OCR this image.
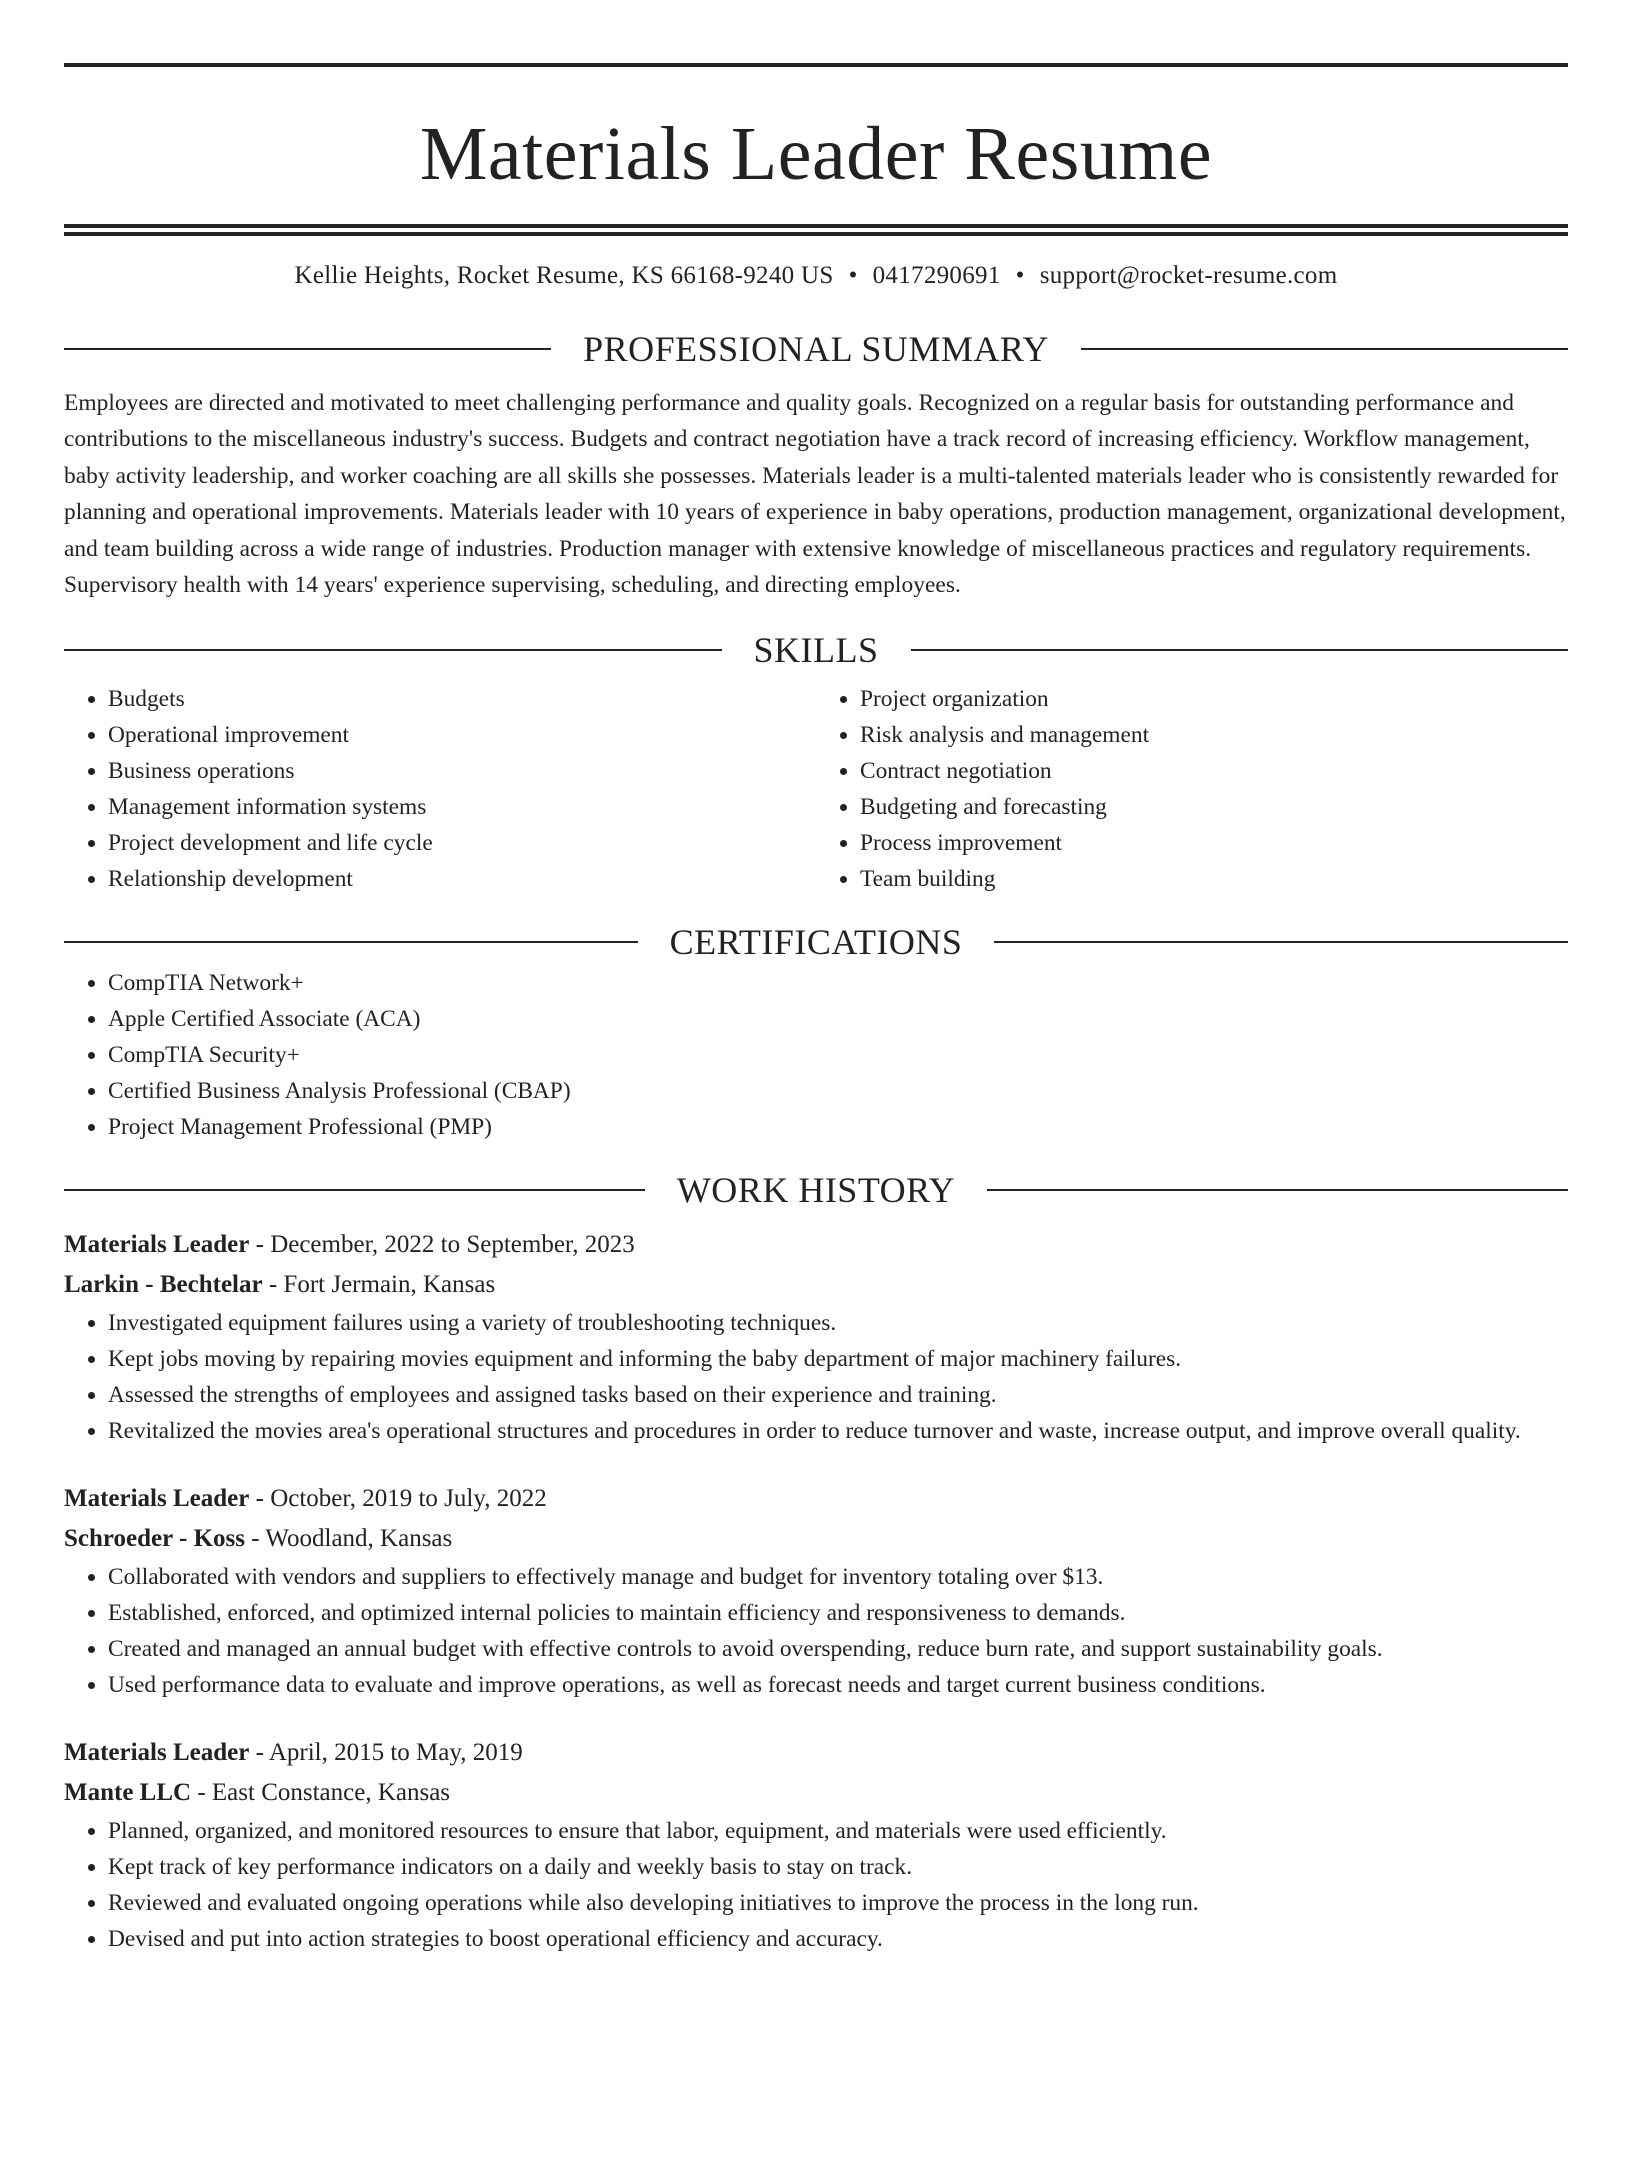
Materials Leader Resume
Kellie Heights, Rocket Resume, KS 66168-9240 US • 0417290691 • support@rocket-resume.com
PROFESSIONAL SUMMARY

Employees are directed and motivated to meet challenging performance and quality goals. Recognized on a regular basis for outstanding performance and contributions to the miscellaneous industry's success. Budgets and contract negotiation have a track record of increasing efficiency. Workflow management, baby activity leadership, and worker coaching are all skills she possesses. Materials leader is a multi-talented materials leader who is consistently rewarded for planning and operational improvements. Materials leader with 10 years of experience in baby operations, production management, organizational development, and team building across a wide range of industries. Production manager with extensive knowledge of miscellaneous practices and regulatory requirements. Supervisory health with 14 years' experience supervising, scheduling, and directing employees.

SKILLS
• Budgets
• Operational improvement
• Business operations
• Management information systems
• Project development and life cycle
• Relationship development
• Project organization
• Risk analysis and management
• Contract negotiation
• Budgeting and forecasting
• Process improvement
• Team building
CERTIFICATIONS
• CompTIA Network+
• Apple Certified Associate (ACA)
• CompTIA Security+
• Certified Business Analysis Professional (CBAP)
• Project Management Professional (PMP)
WORK HISTORY
Materials Leader - December, 2022 to September, 2023
Larkin - Bechtelar - Fort Jermain, Kansas
• Investigated equipment failures using a variety of troubleshooting techniques.
• Kept jobs moving by repairing movies equipment and informing the baby department of major machinery failures.
• Assessed the strengths of employees and assigned tasks based on their experience and training.
• Revitalized the movies area's operational structures and procedures in order to reduce turnover and waste, increase output, and improve overall quality.
Materials Leader - October, 2019 to July, 2022
Schroeder - Koss - Woodland, Kansas
• Collaborated with vendors and suppliers to effectively manage and budget for inventory totaling over $13.
• Established, enforced, and optimized internal policies to maintain efficiency and responsiveness to demands.
• Created and managed an annual budget with effective controls to avoid overspending, reduce burn rate, and support sustainability goals.
• Used performance data to evaluate and improve operations, as well as forecast needs and target current business conditions.
Materials Leader - April, 2015 to May, 2019
Mante LLC - East Constance, Kansas
• Planned, organized, and monitored resources to ensure that labor, equipment, and materials were used efficiently.
• Kept track of key performance indicators on a daily and weekly basis to stay on track.
• Reviewed and evaluated ongoing operations while also developing initiatives to improve the process in the long run.
• Devised and put into action strategies to boost operational efficiency and accuracy.
